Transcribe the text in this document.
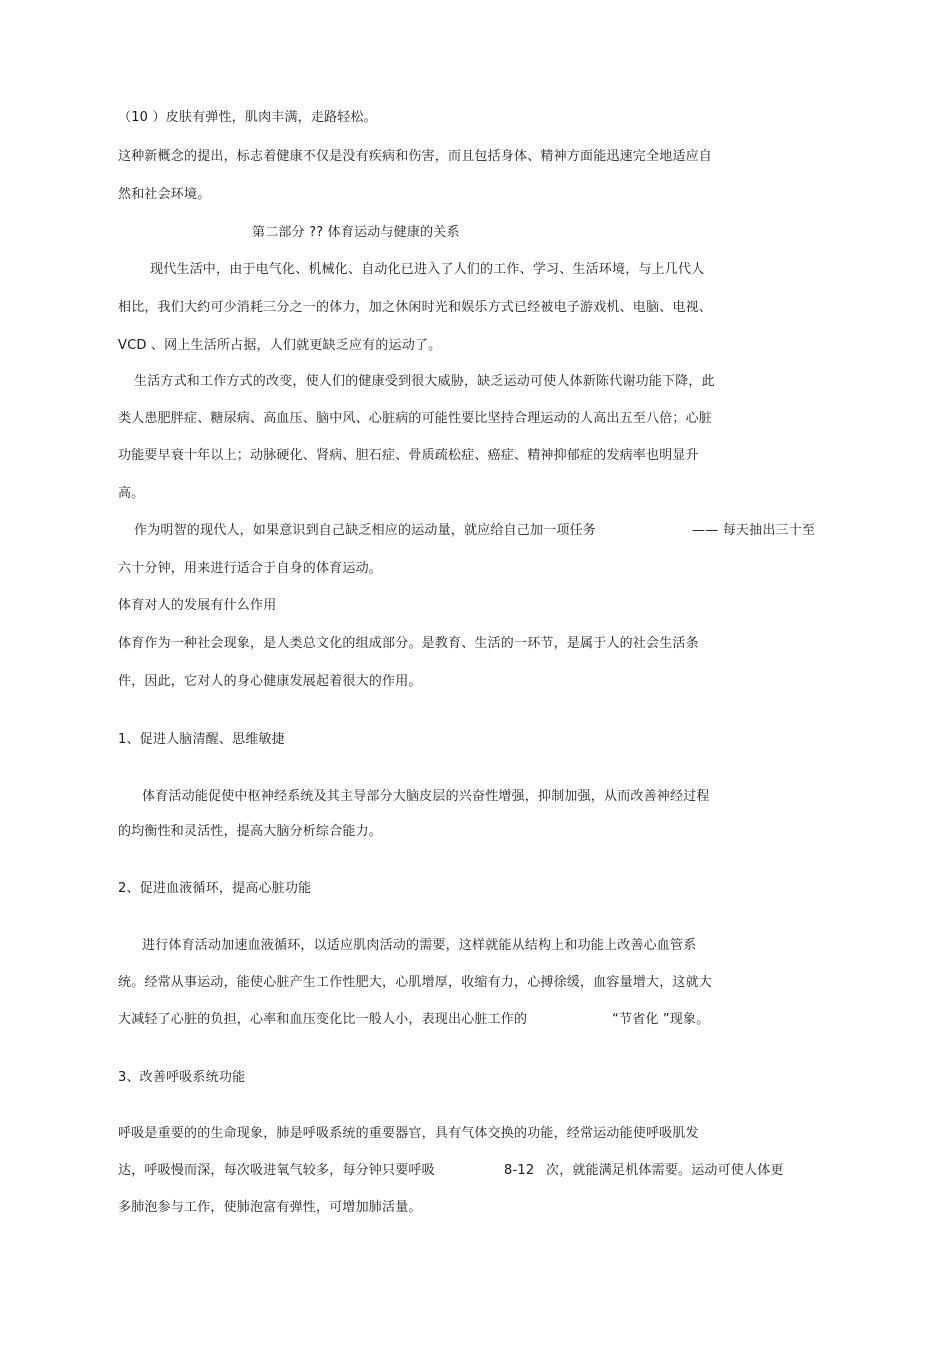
（10 ）皮肤有弹性，肌肉丰满，走路轻松。
这种新概念的提出，标志着健康不仅是没有疾病和伤害，而且包括身体、精神方面能迅速完全地适应自
然和社会环境。
第二部分 ?? 体育运动与健康的关系
现代生活中，由于电气化、机械化、自动化已进入了人们的工作、学习、生活环境，与上几代人
相比，我们大约可少消耗三分之一的体力，加之休闲时光和娱乐方式已经被电子游戏机、电脑、电视、
VCD 、网上生活所占据，人们就更缺乏应有的运动了。
生活方式和工作方式的改变，使人们的健康受到很大威胁，缺乏运动可使人体新陈代谢功能下降，此
类人患肥胖症、糖尿病、高血压、脑中风、心脏病的可能性要比坚持合理运动的人高出五至八倍；心脏
功能要早衰十年以上；动脉硬化、肾病、胆石症、骨质疏松症、癌症、精神抑郁症的发病率也明显升
高。
作为明智的现代人，如果意识到自己缺乏相应的运动量，就应给自己加一项任务	—— 每天抽出三十至
六十分钟，用来进行适合于自身的体育运动。
体育对人的发展有什么作用
体育作为一种社会现象，是人类总文化的组成部分。是教育、生活的一环节，是属于人的社会生活条
件，因此，它对人的身心健康发展起着很大的作用。
1、促进人脑清醒、思维敏捷
体育活动能促使中枢神经系统及其主导部分大脑皮层的兴奋性增强，抑制加强，从而改善神经过程
的均衡性和灵活性，提高大脑分析综合能力。
2、促进血液循环，提高心脏功能
进行体育活动加速血液循环，以适应肌肉活动的需要，这样就能从结构上和功能上改善心血管系
统。经常从事运动，能使心脏产生工作性肥大，心肌增厚，收缩有力，心搏徐缓，血容量增大，这就大
大减轻了心脏的负担，心率和血压变化比一般人小，表现出心脏工作的	“节省化 ”现象。
3、改善呼吸系统功能
呼吸是重要的的生命现象，肺是呼吸系统的重要器官，具有气体交换的功能，经常运动能使呼吸肌发
达，呼吸慢而深，每次吸进氧气较多，每分钟只要呼吸	8-12 次，就能满足机体需要。运动可使人体更
多肺泡参与工作，使肺泡富有弹性，可增加肺活量。
